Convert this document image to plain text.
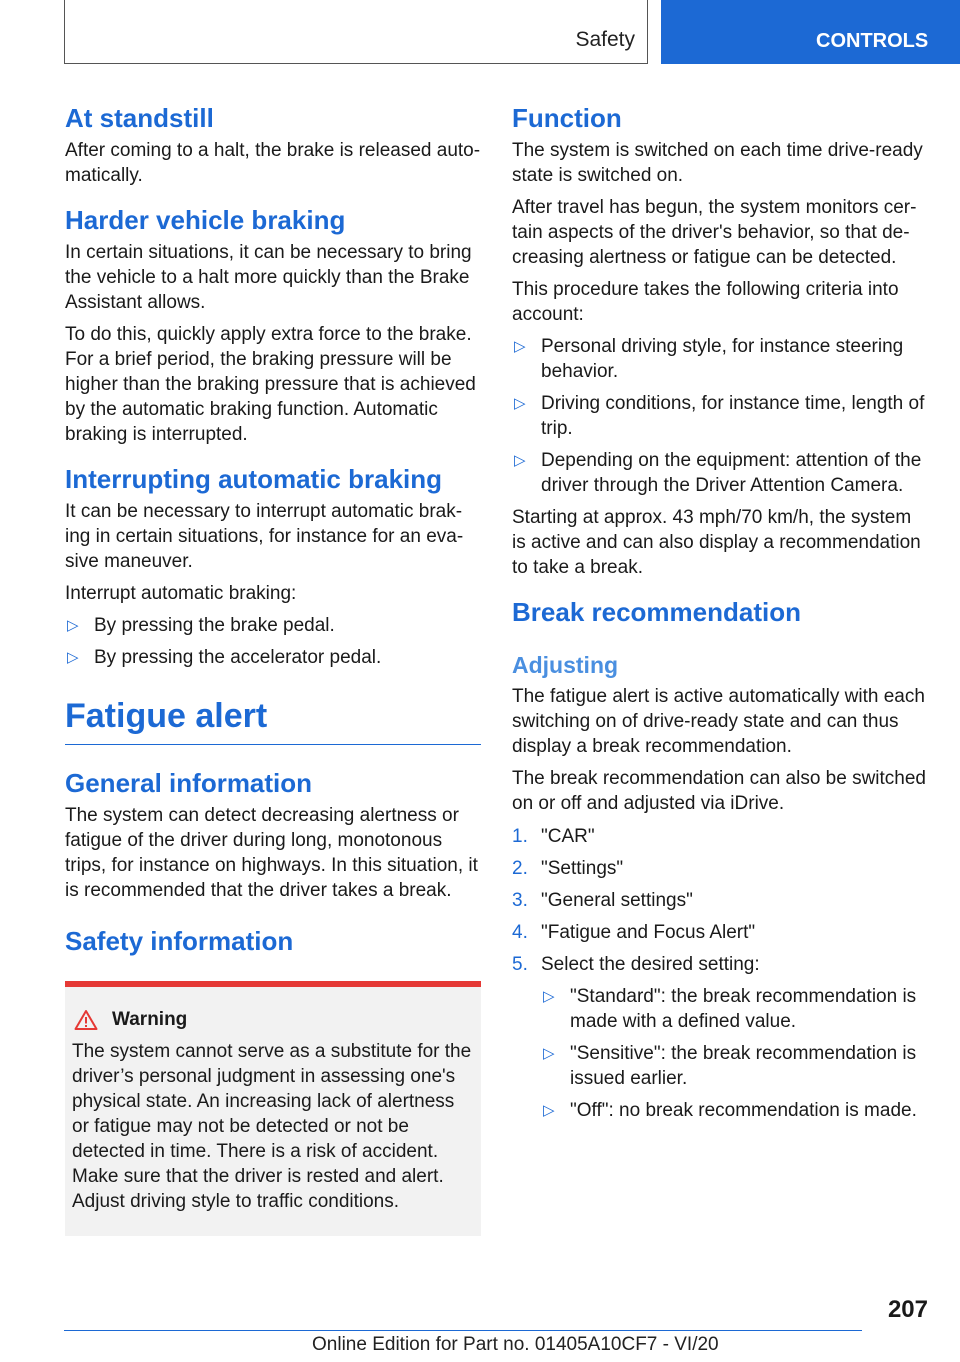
Safety	CONTROLS
At standstill

After coming to a halt, the brake is released automatically.

Harder vehicle braking

In certain situations, it can be necessary to bring the vehicle to a halt more quickly than the Brake Assistant allows.

To do this, quickly apply extra force to the brake. For a brief period, the braking pressure will be higher than the braking pressure that is achieved by the automatic braking function. Automatic braking is interrupted.

Interrupting automatic braking

It can be necessary to interrupt automatic braking in certain situations, for instance for an evasive maneuver.

Interrupt automatic braking:

▷ By pressing the brake pedal.
▷ By pressing the accelerator pedal.
Fatigue alert
General information

The system can detect decreasing alertness or fatigue of the driver during long, monotonous trips, for instance on highways. In this situation, it is recommended that the driver takes a break.

Safety information
Warning

The system cannot serve as a substitute for the driver’s personal judgment in assessing one's physical state. An increasing lack of alertness or fatigue may not be detected or not be detected in time. There is a risk of accident. Make sure that the driver is rested and alert. Adjust driving style to traffic conditions.

Function

The system is switched on each time drive-ready state is switched on.

After travel has begun, the system monitors certain aspects of the driver's behavior, so that decreasing alertness or fatigue can be detected.

This procedure takes the following criteria into account:

▷ Personal driving style, for instance steering behavior.
▷ Driving conditions, for instance time, length of trip.
▷ Depending on the equipment: attention of the driver through the Driver Attention Camera.

Starting at approx. 43 mph/70 km/h, the system is active and can also display a recommendation to take a break.

Break recommendation
Adjusting

The fatigue alert is active automatically with each switching on of drive-ready state and can thus display a break recommendation.

The break recommendation can also be switched on or off and adjusted via iDrive.

1. "CAR"
2. "Settings"
3. "General settings"
4. "Fatigue and Focus Alert"
5. Select the desired setting:
▷ "Standard": the break recommendation is made with a defined value.
▷ "Sensitive": the break recommendation is issued earlier.
▷ "Off": no break recommendation is made.
207
Online Edition for Part no. 01405A10CF7 - VI/20
